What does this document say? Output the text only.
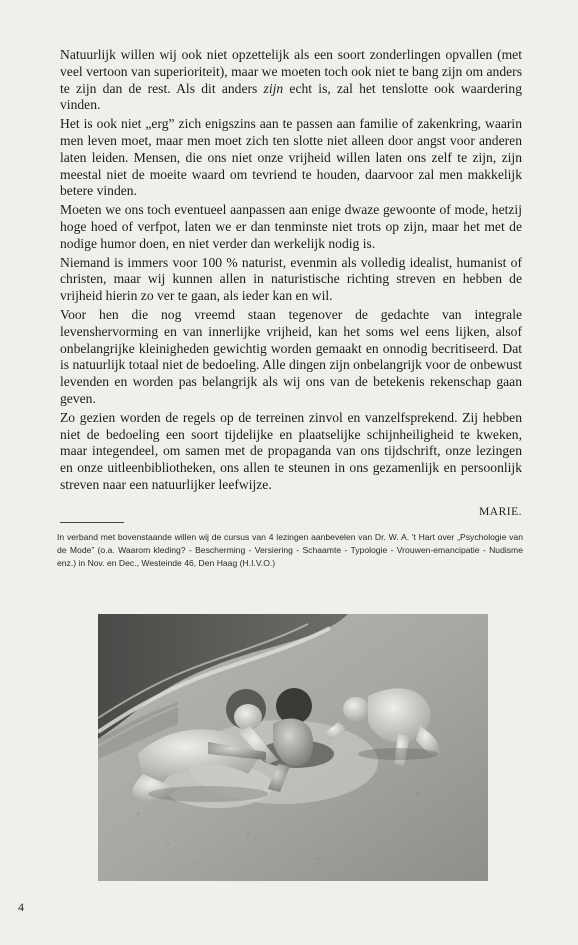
Natuurlijk willen wij ook niet opzettelijk als een soort zonderlingen opvallen (met veel vertoon van superioriteit), maar we moeten toch ook niet te bang zijn om anders te zijn dan de rest. Als dit anders zijn echt is, zal het tenslotte ook waardering vinden.

Het is ook niet „erg” zich enigszins aan te passen aan familie of zakenkring, waarin men leven moet, maar men moet zich ten slotte niet alleen door angst voor anderen laten leiden. Mensen, die ons niet onze vrijheid willen laten ons zelf te zijn, zijn meestal niet de moeite waard om tevriend te houden, daarvoor zal men makkelijk betere vinden.

Moeten we ons toch eventueel aanpassen aan enige dwaze gewoonte of mode, hetzij hoge hoed of verfpot, laten we er dan tenminste niet trots op zijn, maar het met de nodige humor doen, en niet verder dan werkelijk nodig is.

Niemand is immers voor 100 % naturist, evenmin als volledig idealist, humanist of christen, maar wij kunnen allen in naturistische richting streven en hebben de vrijheid hierin zo ver te gaan, als ieder kan en wil.

Voor hen die nog vreemd staan tegenover de gedachte van integrale levenshervorming en van innerlijke vrijheid, kan het soms wel eens lijken, alsof onbelangrijke kleinigheden gewichtig worden gemaakt en onnodig becritiseerd. Dat is natuurlijk totaal niet de bedoeling. Alle dingen zijn onbelangrijk voor de onbewust levenden en worden pas belangrijk als wij ons van de betekenis rekenschap gaan geven.

Zo gezien worden de regels op de terreinen zinvol en vanzelfsprekend. Zij hebben niet de bedoeling een soort tijdelijke en plaatselijke schijnheiligheid te kweken, maar integendeel, om samen met de propaganda van ons tijdschrift, onze lezingen en onze uitleenbibliotheken, ons allen te steunen in ons gezamenlijk en persoonlijk streven naar een natuurlijker leefwijze.

MARIE.
In verband met bovenstaande willen wij de cursus van 4 lezingen aanbevelen van Dr. W. A. 't Hart over „Psychologie van de Mode” (o.a. Waarom kleding? - Bescherming - Versiering - Schaamte - Typologie - Vrouwen-emancipatie - Nudisme enz.) in Nov. en Dec., Westeinde 46, Den Haag (H.I.V.O.)
4
